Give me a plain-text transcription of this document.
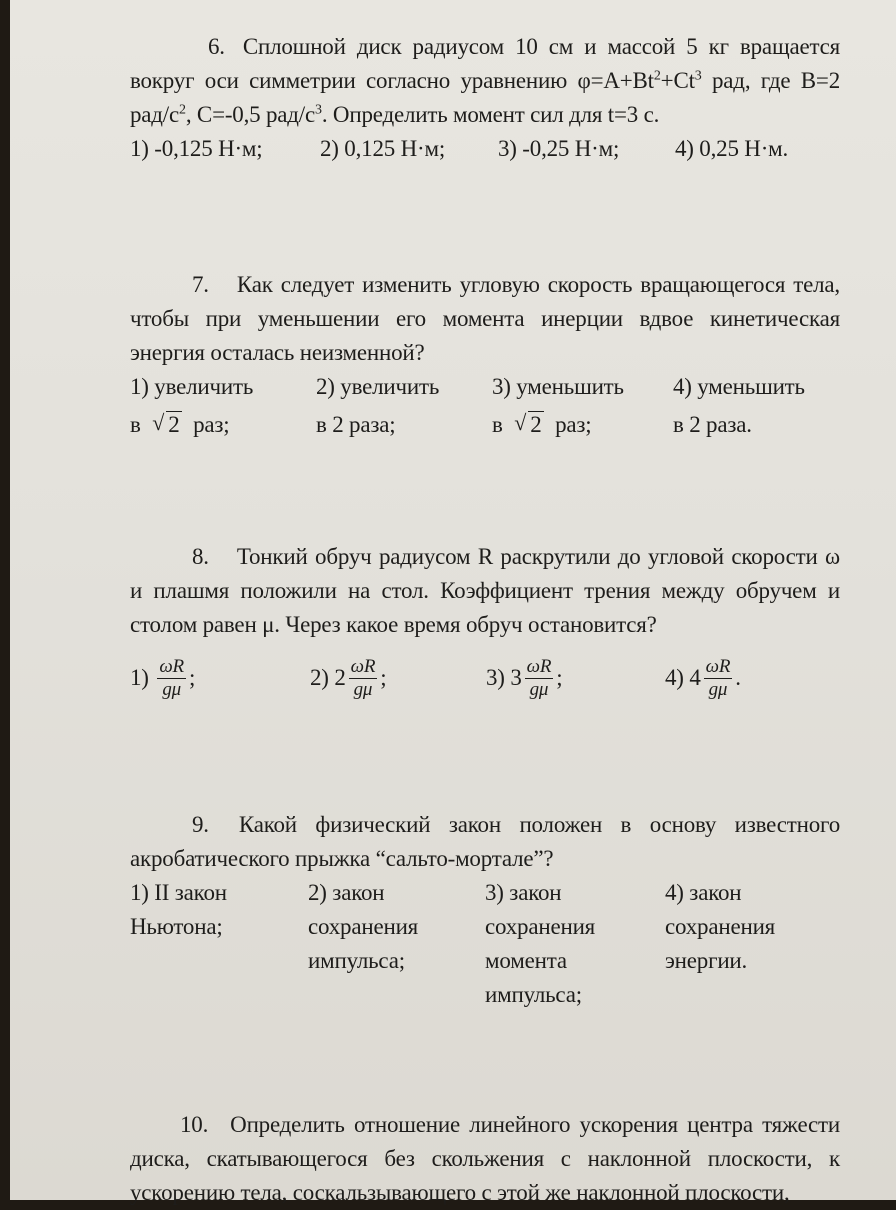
6. Сплошной диск радиусом 10 см и массой 5 кг вращается вокруг оси симметрии согласно уравнению $\varphi=A+Bt^2+Ct^3$ рад, где B=2 рад/$с^2$, C=-0,5 рад/$с^3$. Определить момент сил для t=3 с.

1) -0,125 Н·м;	2) 0,125 Н·м; 3) -0,25 Н·м; 4) 0,25 Н·м.

7. Как следует изменить угловую скорость вращающегося тела, чтобы при уменьшении его момента инерции вдвое кинетическая энергия осталась неизменной?

1) увеличить
в √ 2 раз;
2) увеличить
в 2 раза;
3) уменьшить
в √ 2 раз;
4) уменьшить
в 2 раза.

8. Тонкий обруч радиусом R раскрутили до угловой скорости ω и плашмя положили на стол. Коэффициент трения между обручем и столом равен μ. Через какое время обруч остановится?

1)
$\frac{\omega R}{g\mu}$ ;	2)
$2 \frac{\omega R}{g\mu}$ ;	3)
$3 \frac{\omega R}{g\mu}$ ;	4)
$4 \frac{\omega R}{g\mu}$ .

9. Какой физический закон положен в основу известного акробатического прыжка “сальто-мортале”?

1) II закон
Ньютона;
2) закон
сохранения
импульса;
3) закон
сохранения
момента
импульса;
4) закон
сохранения
энергии.

10. Определить отношение линейного ускорения центра тяжести диска, скатывающегося без скольжения с наклонной плоскости, к ускорению тела, соскальзывающего с этой же наклонной плоскости,
